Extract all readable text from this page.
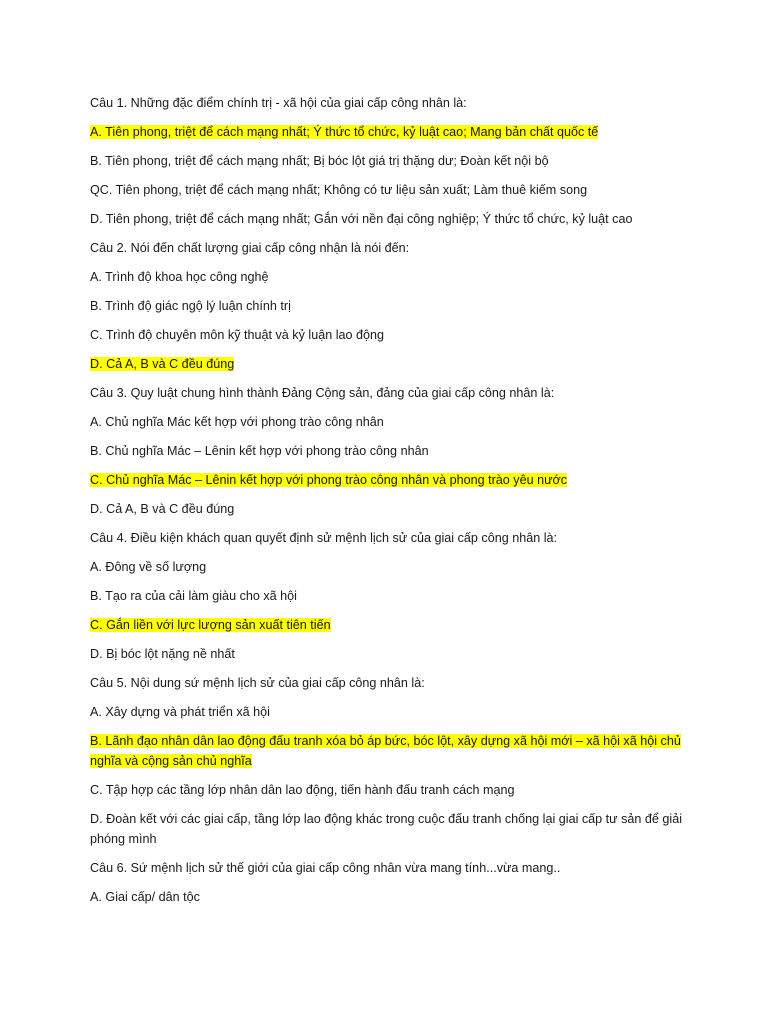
Câu 1. Những đặc điểm chính trị - xã hội của giai cấp công nhân là:

A. Tiên phong, triệt để cách mạng nhất; Ý thức tổ chức, kỷ luật cao; Mang bản chất quốc tế

B. Tiên phong, triệt để cách mạng nhất; Bị bóc lột giá trị thặng dư; Đoàn kết nội bộ

QC. Tiên phong, triệt để cách mạng nhất; Không có tư liệu sản xuất; Làm thuê kiếm song

D. Tiên phong, triệt để cách mạng nhất; Gắn với nền đại công nghiệp; Ý thức tổ chức, kỷ luật cao

Câu 2. Nói đến chất lượng giai cấp công nhận là nói đến:

A. Trình độ khoa học công nghệ

B. Trình độ giác ngộ lý luận chính trị

C. Trình độ chuyên môn kỹ thuật và kỷ luận lao động

D. Cả A, B và C đều đúng

Câu 3. Quy luật chung hình thành Đảng Cộng sản, đảng của giai cấp công nhân là:

A. Chủ nghĩa Mác kết hợp với phong trào công nhân

B. Chủ nghĩa Mác – Lênin kết hợp với phong trào công nhân

C. Chủ nghĩa Mác – Lênin kết hợp với phong trào công nhân và phong trào yêu nước

D. Cả A, B và C đều đúng

Câu 4. Điều kiện khách quan quyết định sử mệnh lịch sử của giai cấp công nhân là:

A. Đông về số lượng

B. Tạo ra của cải làm giàu cho xã hội

C. Gắn liền với lực lượng sản xuất tiên tiến

D. Bị bóc lột nặng nề nhất

Câu 5. Nội dung sứ mệnh lịch sử của giai cấp công nhân là:

A. Xây dựng và phát triển xã hội

B. Lãnh đạo nhân dân lao động đấu tranh xóa bỏ áp bức, bóc lột, xây dựng xã hội mới – xã hội xã hội chủ nghĩa và cộng sản chủ nghĩa

C. Tập hợp các tầng lớp nhân dân lao động, tiến hành đấu tranh cách mạng

D. Đoàn kết với các giai cấp, tầng lớp lao động khác trong cuộc đấu tranh chống lại giai cấp tư sản để giải phóng mình

Câu 6. Sứ mệnh lịch sử thế giới của giai cấp công nhân vừa mang tính...vừa mang..

A. Giai cấp/ dân tộc
